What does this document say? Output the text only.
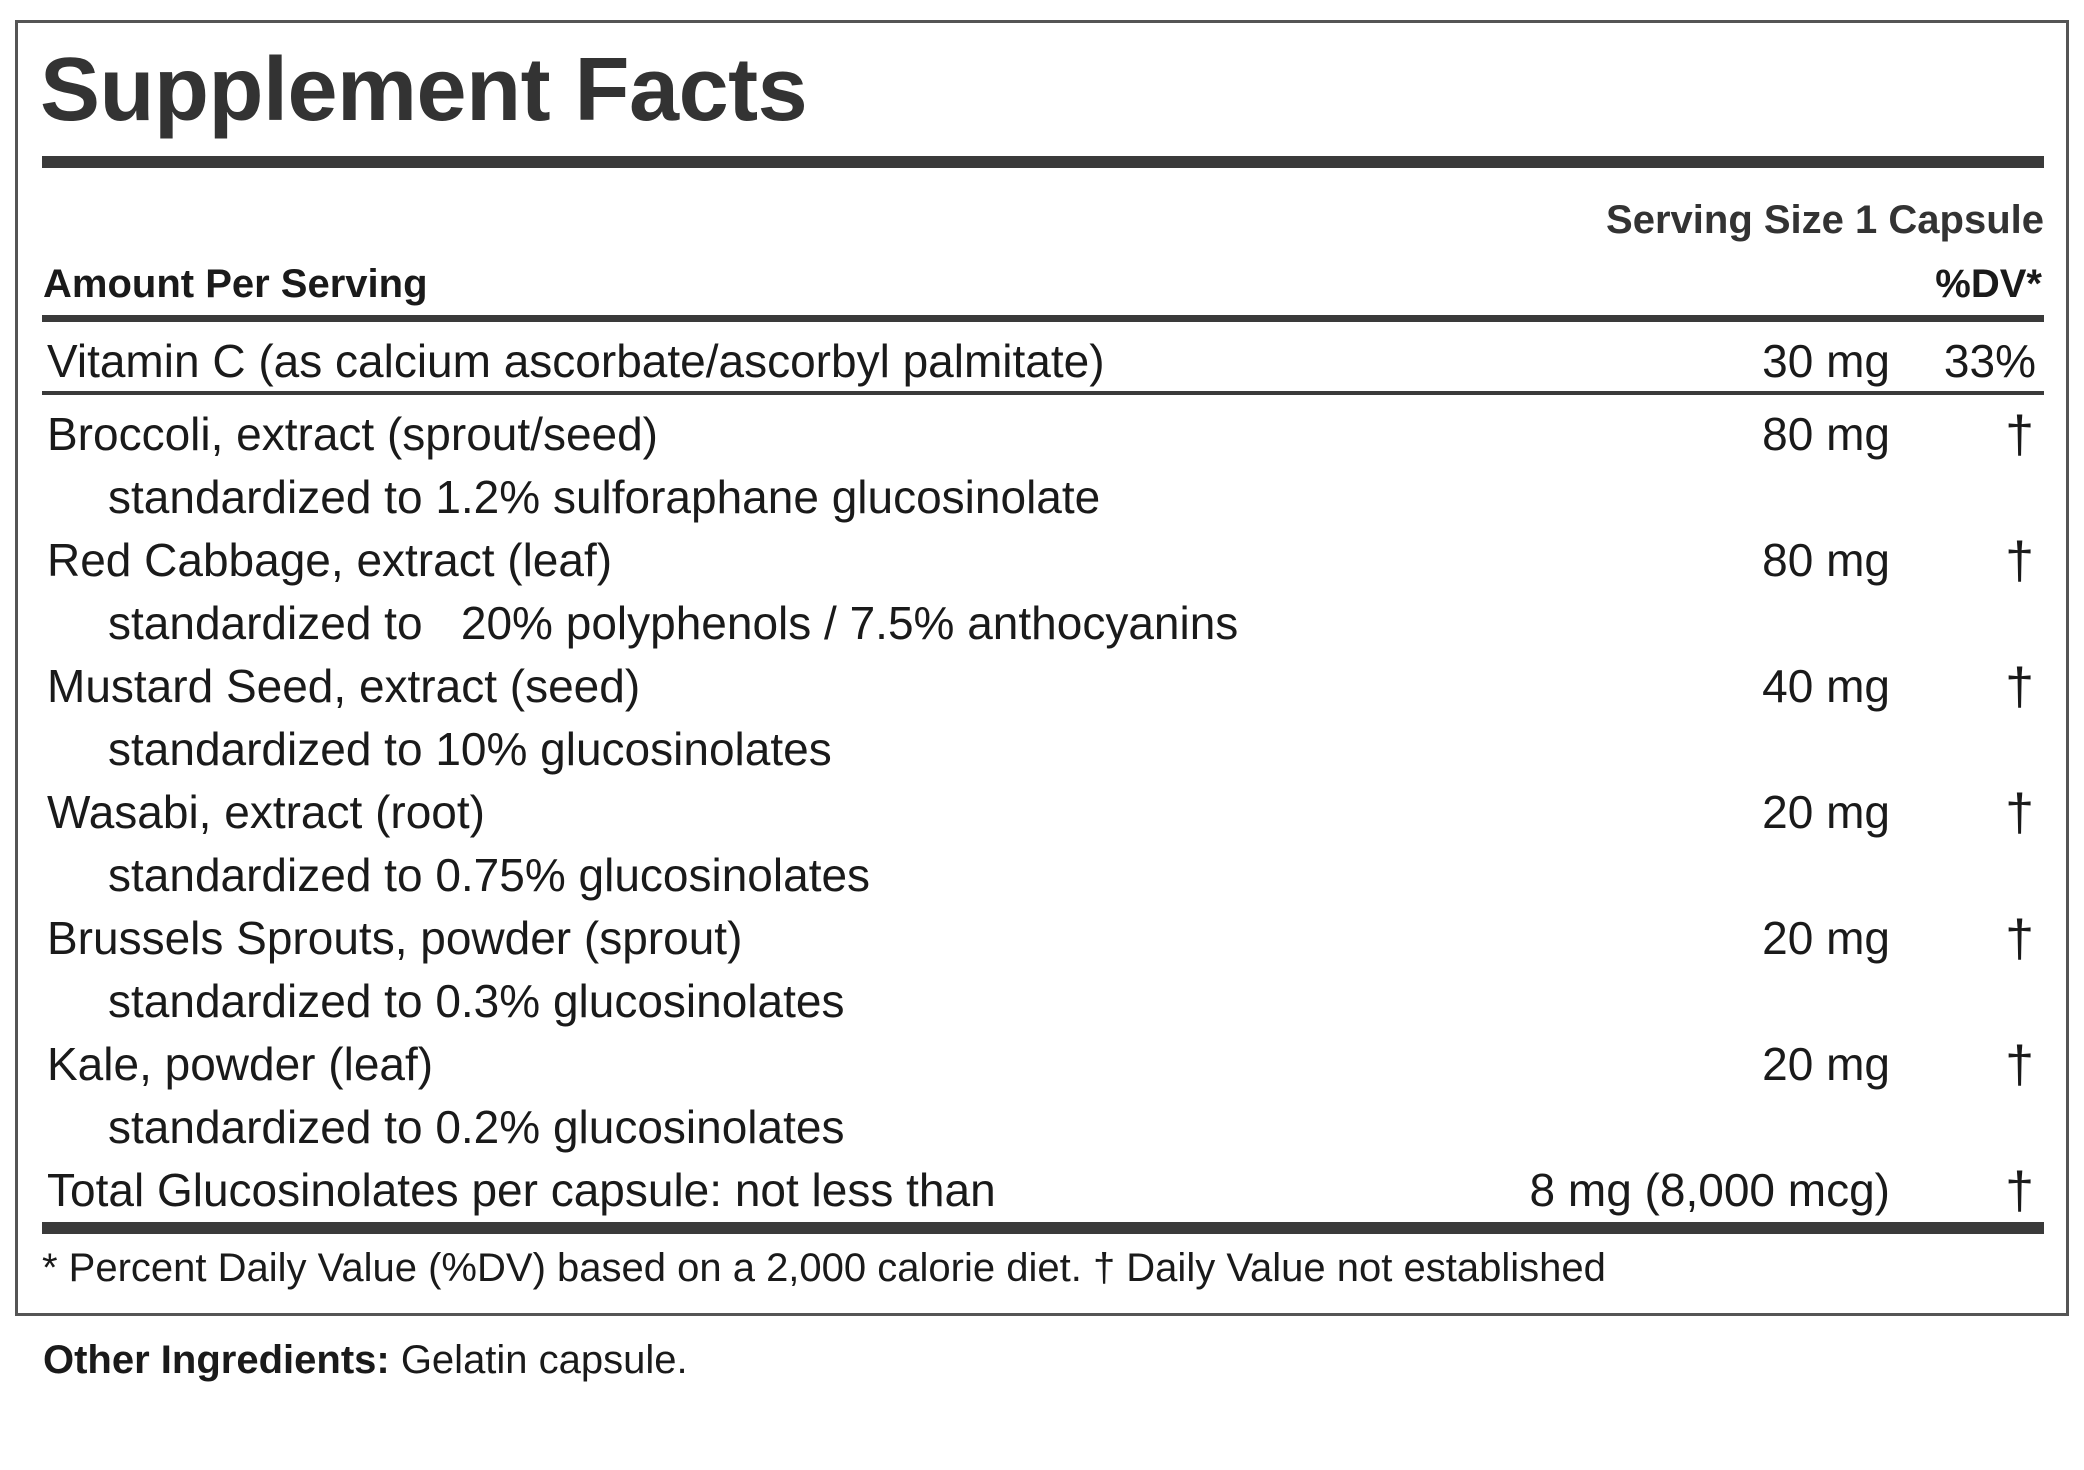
Supplement Facts
Serving Size 1 Capsule
Amount Per Serving	%DV*
Vitamin C (as calcium ascorbate/ascorbyl palmitate)	30 mg 33%
Broccoli, extract (sprout/seed)	80 mg †
standardized to 1.2% sulforaphane glucosinolate
Red Cabbage, extract (leaf)	80 mg †
standardized to   20% polyphenols / 7.5% anthocyanins
Mustard Seed, extract (seed)	40 mg †
standardized to 10% glucosinolates
Wasabi, extract (root)	20 mg †
standardized to 0.75% glucosinolates
Brussels Sprouts, powder (sprout)	20 mg †
standardized to 0.3% glucosinolates
Kale, powder (leaf)	20 mg †
standardized to 0.2% glucosinolates
Total Glucosinolates per capsule: not less than	8 mg (8,000 mcg) †
* Percent Daily Value (%DV) based on a 2,000 calorie diet. † Daily Value not established
Other Ingredients: Gelatin capsule.
